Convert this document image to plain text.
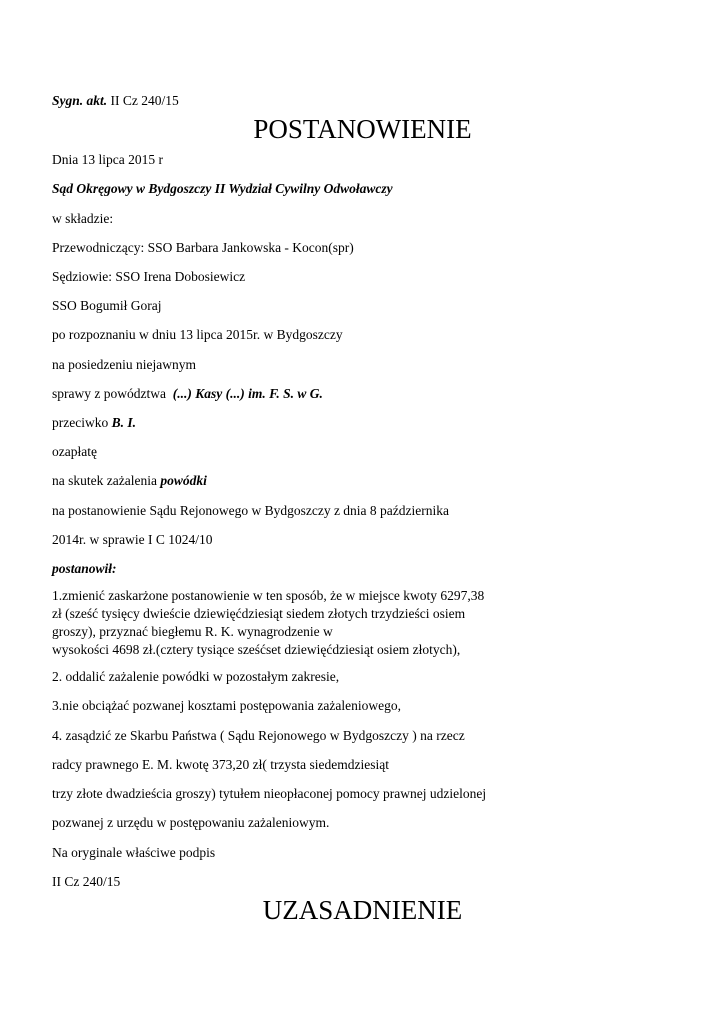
Sygn. akt. II Cz 240/15
POSTANOWIENIE
Dnia 13 lipca 2015 r
Sąd Okręgowy w Bydgoszczy II Wydział Cywilny Odwoławczy
w składzie:
Przewodniczący: SSO Barbara Jankowska - Kocon(spr)
Sędziowie: SSO Irena Dobosiewicz
SSO Bogumił Goraj
po rozpoznaniu w dniu 13 lipca 2015r. w Bydgoszczy
na posiedzeniu niejawnym
sprawy z powództwa (...) Kasy (...) im. F. S. w G.
przeciwko B. I.
ozapłatę
na skutek zażalenia powódki
na postanowienie Sądu Rejonowego w Bydgoszczy z dnia 8 października
2014r. w sprawie I C 1024/10
postanowił:
1.zmienić zaskarżone postanowienie w ten sposób, że w miejsce kwoty 6297,38
zł (sześć tysięcy dwieście dziewięćdziesiąt siedem złotych trzydzieści osiem
groszy), przyznać biegłemu R. K. wynagrodzenie w
wysokości 4698 zł.(cztery tysiące sześćset dziewięćdziesiąt osiem złotych),
2. oddalić zażalenie powódki w pozostałym zakresie,
3.nie obciążać pozwanej kosztami postępowania zażaleniowego,
4. zasądzić ze Skarbu Państwa ( Sądu Rejonowego w Bydgoszczy ) na rzecz
radcy prawnego E. M. kwotę 373,20 zł( trzysta siedemdziesiąt
trzy złote dwadzieścia groszy) tytułem nieopłaconej pomocy prawnej udzielonej
pozwanej z urzędu w postępowaniu zażaleniowym.
Na oryginale właściwe podpis
II Cz 240/15
UZASADNIENIE
